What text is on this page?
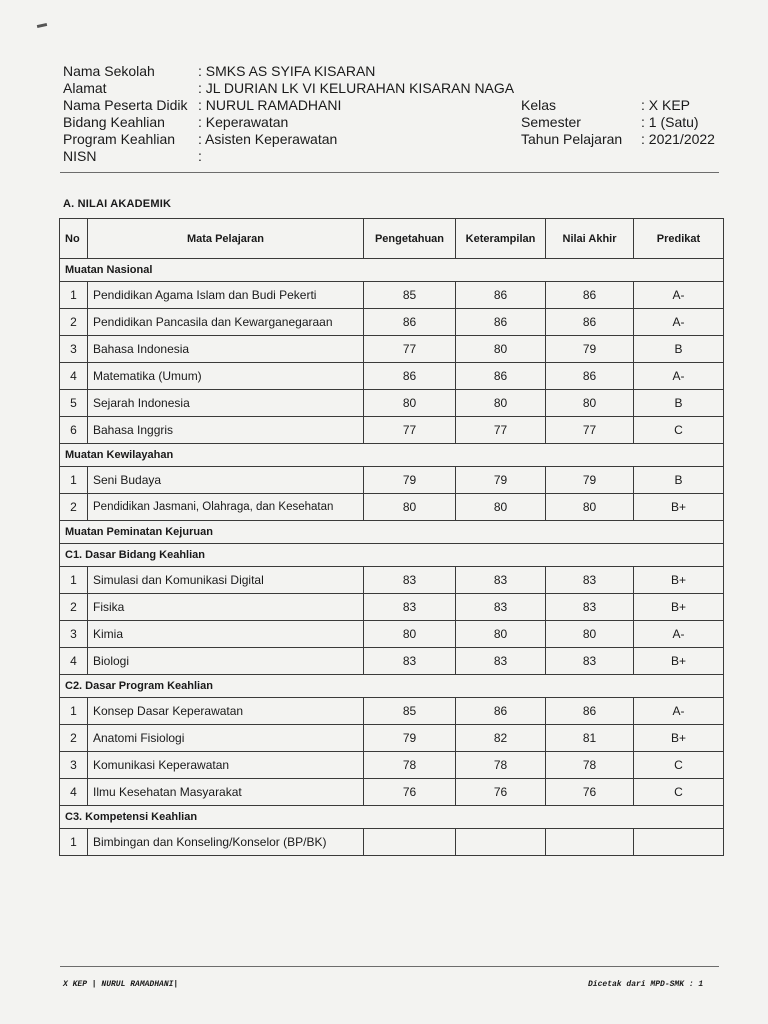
Nama Sekolah	: SMKS AS SYIFA KISARAN
Alamat	: JL DURIAN LK VI KELURAHAN KISARAN NAGA
Nama Peserta Didik : NURUL RAMADHANI	Kelas	: X KEP
Bidang Keahlian : Keperawatan	Semester	: 1 (Satu)
Program Keahlian : Asisten Keperawatan	Tahun Pelajaran : 2021/2022
NISN	:
A. NILAI AKADEMIK
No	Mata Pelajaran	Pengetahuan	Keterampilan	Nilai Akhir	Predikat
Muatan Nasional					
1	Pendidikan Agama Islam dan Budi Pekerti	85	86	86	A-
2	Pendidikan Pancasila dan Kewarganegaraan	86	86	86	A-
3	Bahasa Indonesia	77	80	79	B
4	Matematika (Umum)	86	86	86	A-
5	Sejarah Indonesia	80	80	80	B
6	Bahasa Inggris	77	77	77	C
Muatan Kewilayahan					
1	Seni Budaya	79	79	79	B
2	Pendidikan Jasmani, Olahraga, dan Kesehatan	80	80	80	B+
Muatan Peminatan Kejuruan					
C1. Dasar Bidang Keahlian					
1	Simulasi dan Komunikasi Digital	83	83	83	B+
2	Fisika	83	83	83	B+
3	Kimia	80	80	80	A-
4	Biologi	83	83	83	B+
C2. Dasar Program Keahlian					
1	Konsep Dasar Keperawatan	85	86	86	A-
2	Anatomi Fisiologi	79	82	81	B+
3	Komunikasi Keperawatan	78	78	78	C
4	Ilmu Kesehatan Masyarakat	76	76	76	C
C3. Kompetensi Keahlian					
1	Bimbingan dan Konseling/Konselor (BP/BK)				
X KEP | NURUL RAMADHANI|	Dicetak dari MPD-SMK : 1
